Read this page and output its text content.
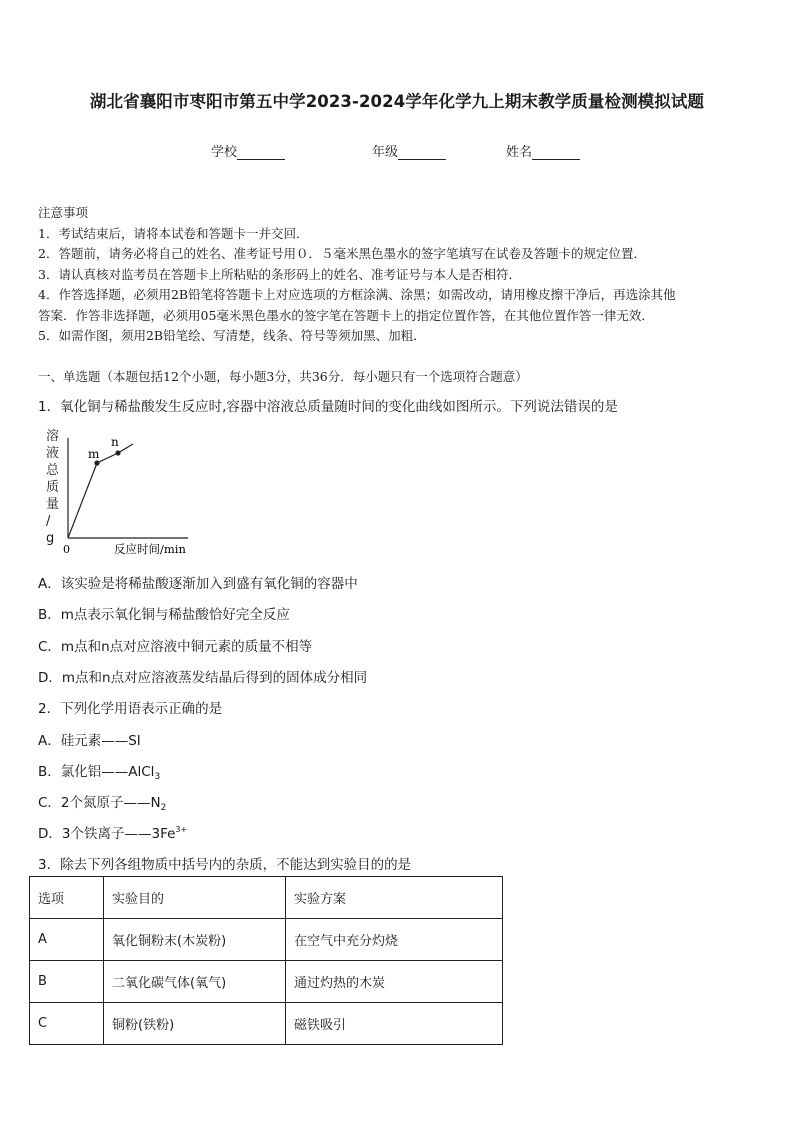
湖北省襄阳市枣阳市第五中学2023-2024学年化学九上期末教学质量检测模拟试题
学校	年级	姓名

注意事项

1．考试结束后，请将本试卷和答题卡一并交回．

2．答题前，请务必将自己的姓名、准考证号用０．５毫米黑色墨水的签字笔填写在试卷及答题卡的规定位置．

3．请认真核对监考员在答题卡上所粘贴的条形码上的姓名、准考证号与本人是否相符．

4．作答选择题，必须用2B铅笔将答题卡上对应选项的方框涂满、涂黑；如需改动，请用橡皮擦干净后，再选涂其他

答案．作答非选择题，必须用05毫米黑色墨水的签字笔在答题卡上的指定位置作答，在其他位置作答一律无效．

5．如需作图，须用2B铅笔绘、写清楚，线条、符号等须加黑、加粗．

一、单选题（本题包括12个小题，每小题3分，共36分．每小题只有一个选项符合题意）
1．氧化铜与稀盐酸发生反应时,容器中溶液总质量随时间的变化曲线如图所示。下列说法错误的是
溶液总质量/ g
m
n
0	反应时间/min
A．该实验是将稀盐酸逐渐加入到盛有氧化铜的容器中
B．m点表示氧化铜与稀盐酸恰好完全反应
C．m点和n点对应溶液中铜元素的质量不相等
D．m点和n点对应溶液蒸发结晶后得到的固体成分相同
2．下列化学用语表示正确的是
A．硅元素——SI
B．氯化铝——AlCl$_3$
C．2个氮原子$——N_2$
D．3个铁离子$——3Fe^{3+}$
3．除去下列各组物质中括号内的杂质，不能达到实验目的的是
选项	实验目的	实验方案
A	氧化铜粉末(木炭粉)	在空气中充分灼烧
B	二氧化碳气体(氧气)	通过灼热的木炭
C	铜粉(铁粉)	磁铁吸引
